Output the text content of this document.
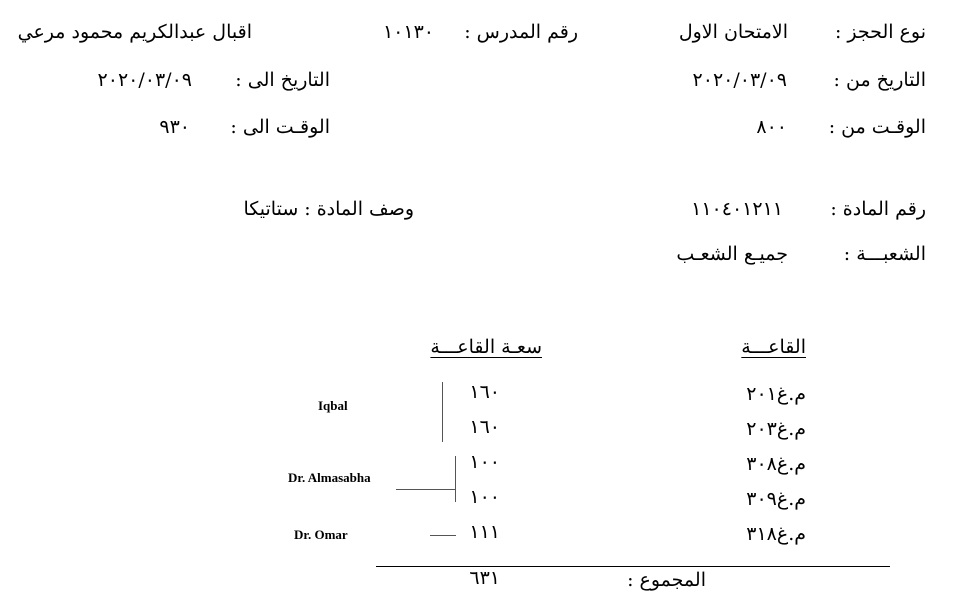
نوع الحجز :
الامتحان الاول
رقم المدرس :
١٠١٣٠
اقبال عبدالكريم محمود مرعي
التاريخ من :
٢٠٢٠/٠٣/٠٩
التاريخ الى :
٢٠٢٠/٠٣/٠٩
الوقـت من :
٨٠٠
الوقـت الى :
٩٣٠
رقم المادة :
١١٠٤٠١٢١١
وصف المادة : ستاتيكا
الشعبـــة :
جميـع الشعـب
القاعـــة
سعـة القاعـــة
م.غ٢٠١
١٦٠
م.غ٢٠٣
١٦٠
م.غ٣٠٨
١٠٠
م.غ٣٠٩
١٠٠
م.غ٣١٨
١١١
المجموع :
٦٣١
Iqbal
Dr. Almasabha
Dr. Omar
